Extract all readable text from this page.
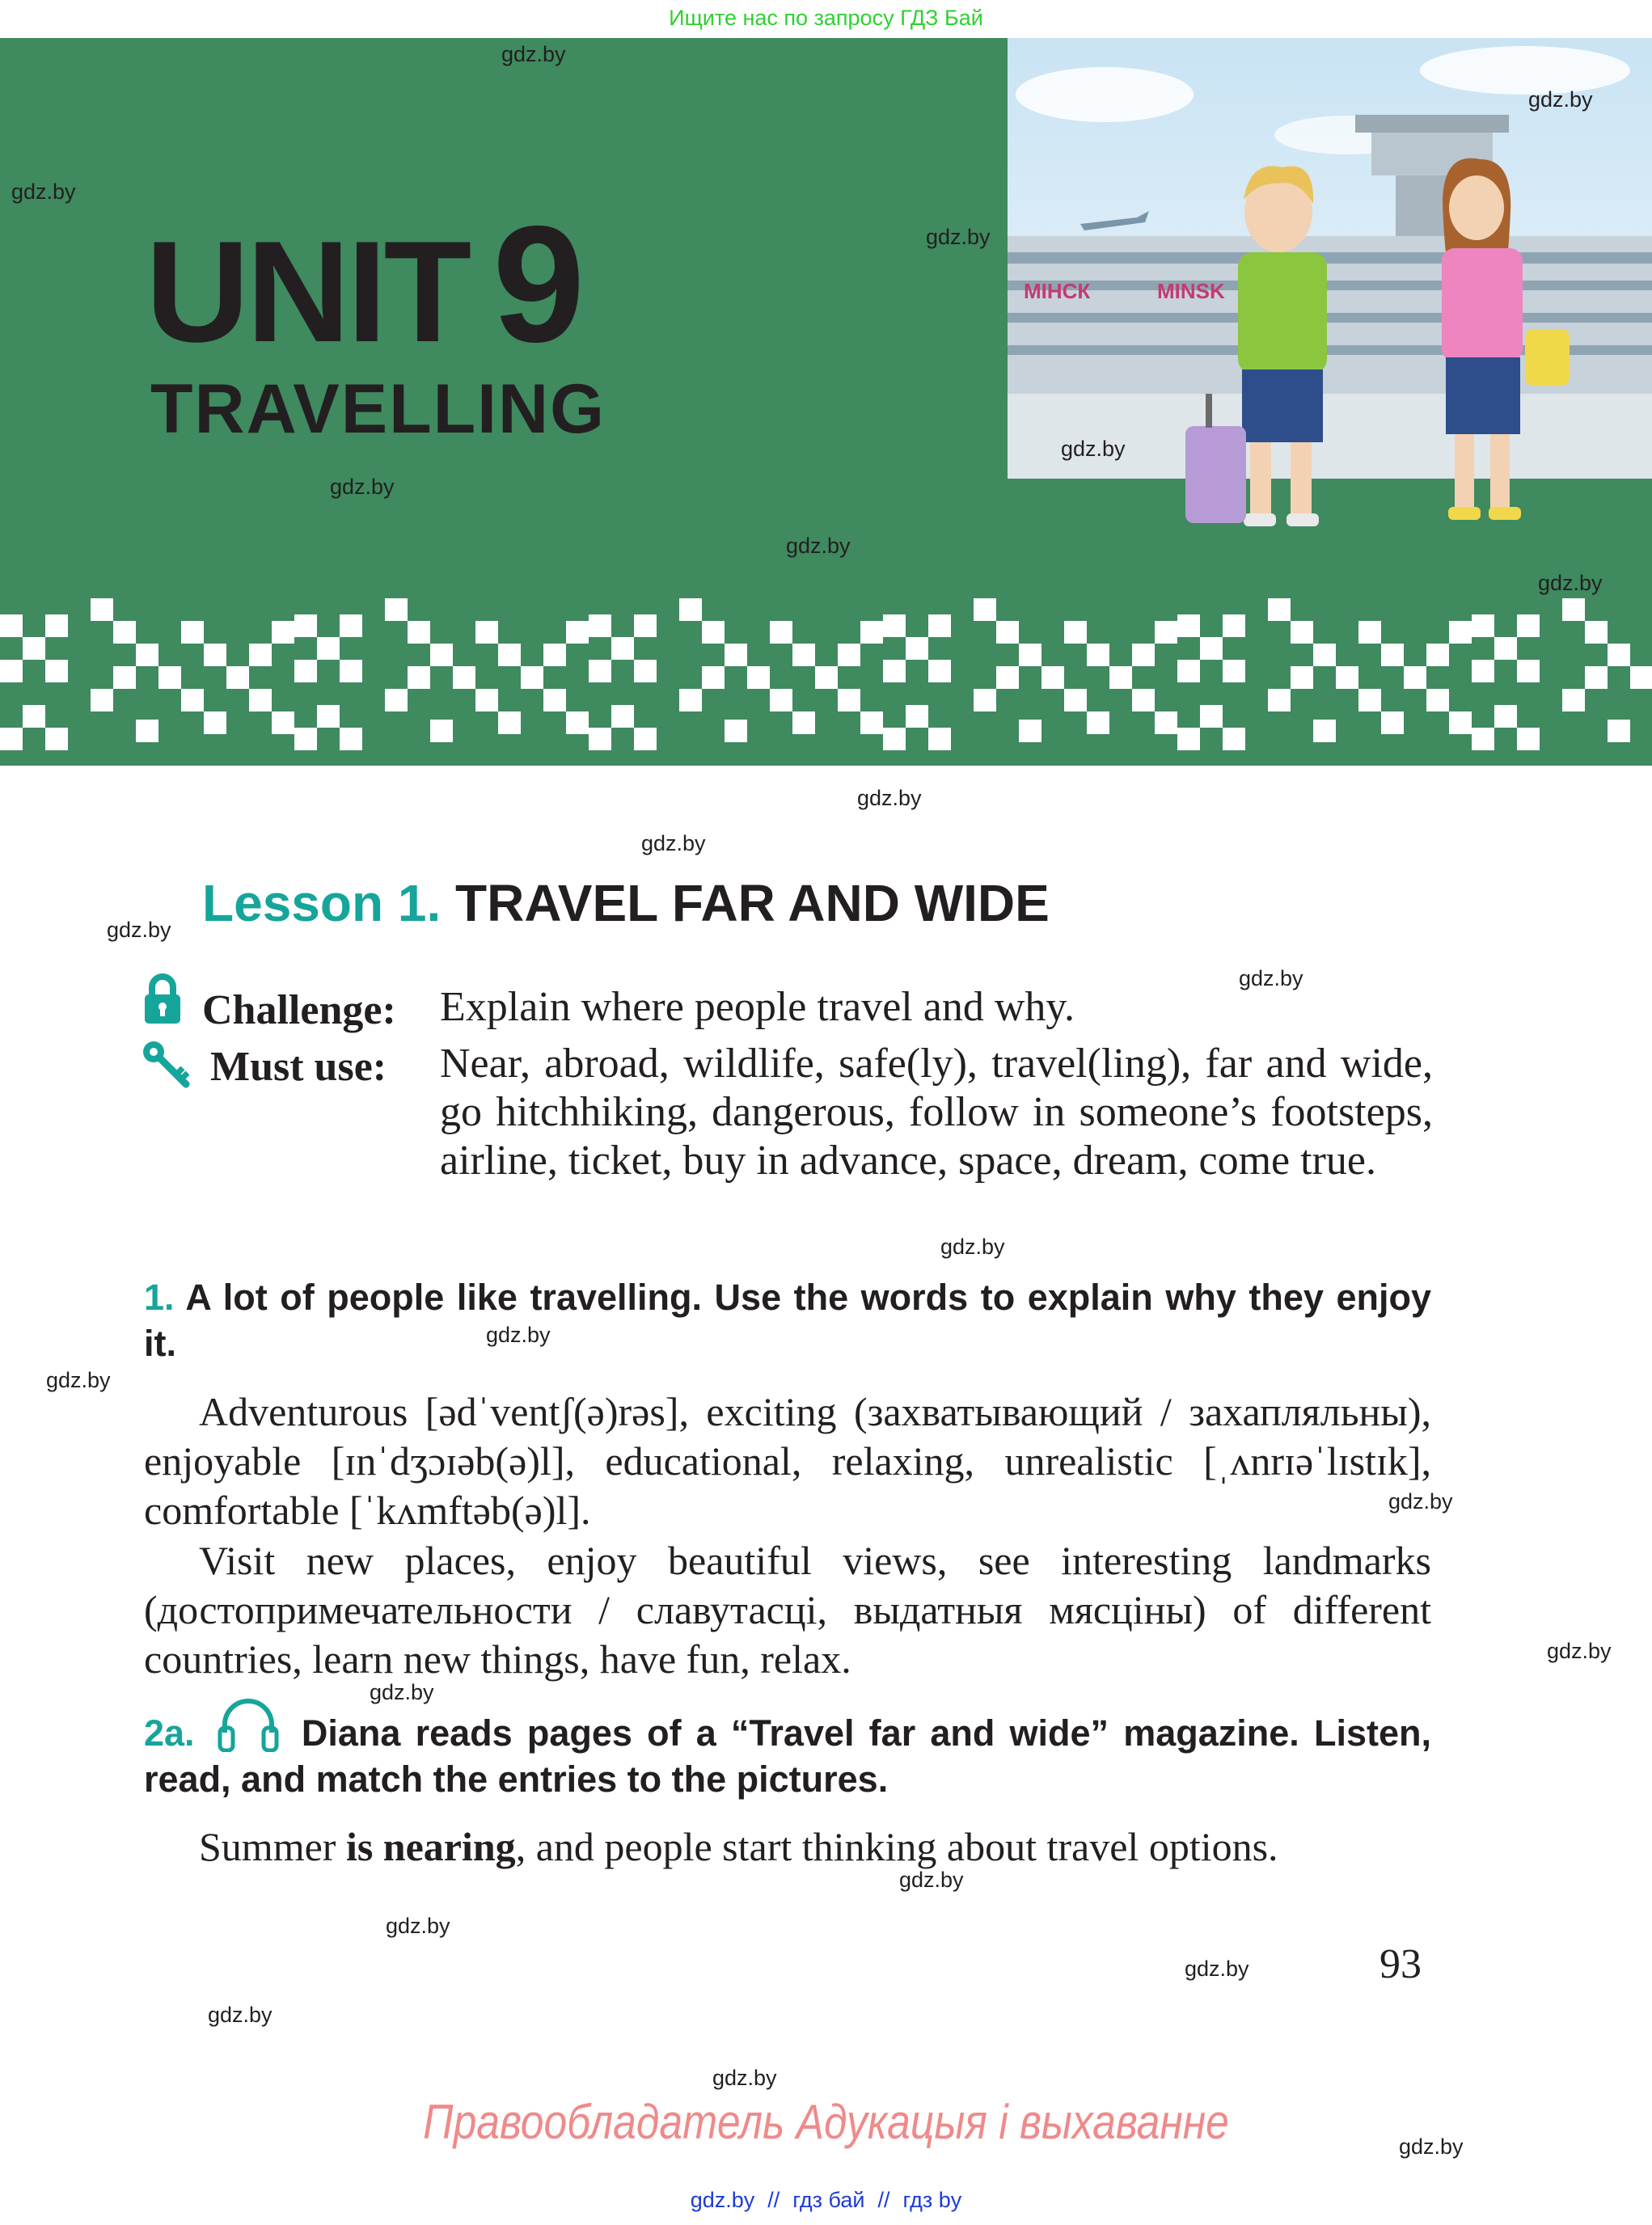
Ищите нас по запросу ГДЗ Бай
UNIT 9
TRAVELLING
МІНСК	MINSK
gdz.by
gdz.by
gdz.by
gdz.by
gdz.by
gdz.by
gdz.by
gdz.by
gdz.by
gdz.by
gdz.by
gdz.by
gdz.by
gdz.by
gdz.by
gdz.by
gdz.by
gdz.by
gdz.by
gdz.by
gdz.by
gdz.by
gdz.by
gdz.by
Lesson 1. TRAVEL FAR AND WIDE
Challenge: Explain where people travel and why.
Must use: Near, abroad, wildlife, safe(ly), travel(ling), far and wide, go hitchhiking, dangerous, follow in someone’s footsteps, airline, ticket, buy in advance, space, dream, come true.
1. A lot of people like travelling. Use the words to explain why they enjoy it.
Adventurous [ədˈventʃ(ə)rəs], exciting (захватывающий / захапляльны), enjoyable [ɪnˈdʒɔɪəb(ə)l], educational, relaxing, unrealistic [ˌʌnrɪəˈlɪstɪk], comfortable [ˈkʌmftəb(ə)l].
Visit new places, enjoy beautiful views, see interesting landmarks (достопримечательности / славутасці, выдатныя мясціны) of different countries, learn new things, have fun, relax.
2a.	Diana reads pages of a “Travel far and wide” magazine. Listen, read, and match the entries to the pictures.
Summer is nearing, and people start thinking about travel options.
93
Правообладатель Адукацыя і выхаванне
gdz.by // гдз бай // гдз by
